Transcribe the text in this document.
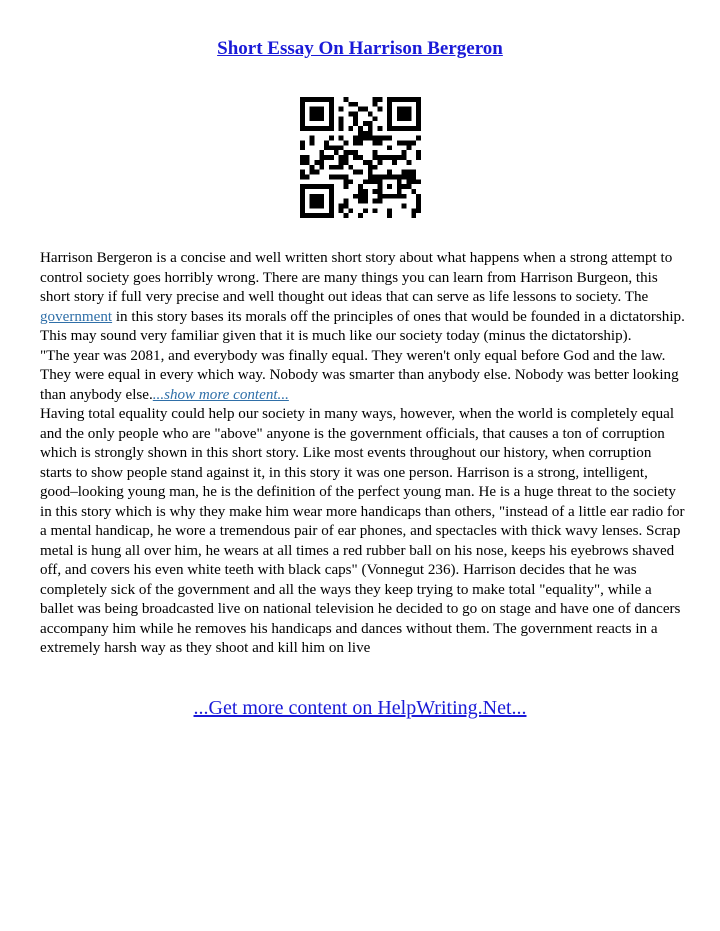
Short Essay On Harrison Bergeron

Harrison Bergeron is a concise and well written short story about what happens when a strong attempt to control society goes horribly wrong. There are many things you can learn from Harrison Burgeon, this short story if full very precise and well thought out ideas that can serve as life lessons to society. The government in this story bases its morals off the principles of ones that would be founded in a dictatorship. This may sound very familiar given that it is much like our society today (minus the dictatorship).

"The year was 2081, and everybody was finally equal. They weren't only equal before God and the law. They were equal in every which way. Nobody was smarter than anybody else. Nobody was better looking than anybody else....show more content...

Having total equality could help our society in many ways, however, when the world is completely equal and the only people who are "above" anyone is the government officials, that causes a ton of corruption which is strongly shown in this short story. Like most events throughout our history, when corruption starts to show people stand against it, in this story it was one person. Harrison is a strong, intelligent, good–looking young man, he is the definition of the perfect young man. He is a huge threat to the society in this story which is why they make him wear more handicaps than others, "instead of a little ear radio for a mental handicap, he wore a tremendous pair of ear phones, and spectacles with thick wavy lenses. Scrap metal is hung all over him, he wears at all times a red rubber ball on his nose, keeps his eyebrows shaved off, and covers his even white teeth with black caps" (Vonnegut 236). Harrison decides that he was completely sick of the government and all the ways they keep trying to make total "equality", while a ballet was being broadcasted live on national television he decided to go on stage and have one of dancers accompany him while he removes his handicaps and dances without them. The government reacts in a extremely harsh way as they shoot and kill him on live

...Get more content on HelpWriting.Net...
